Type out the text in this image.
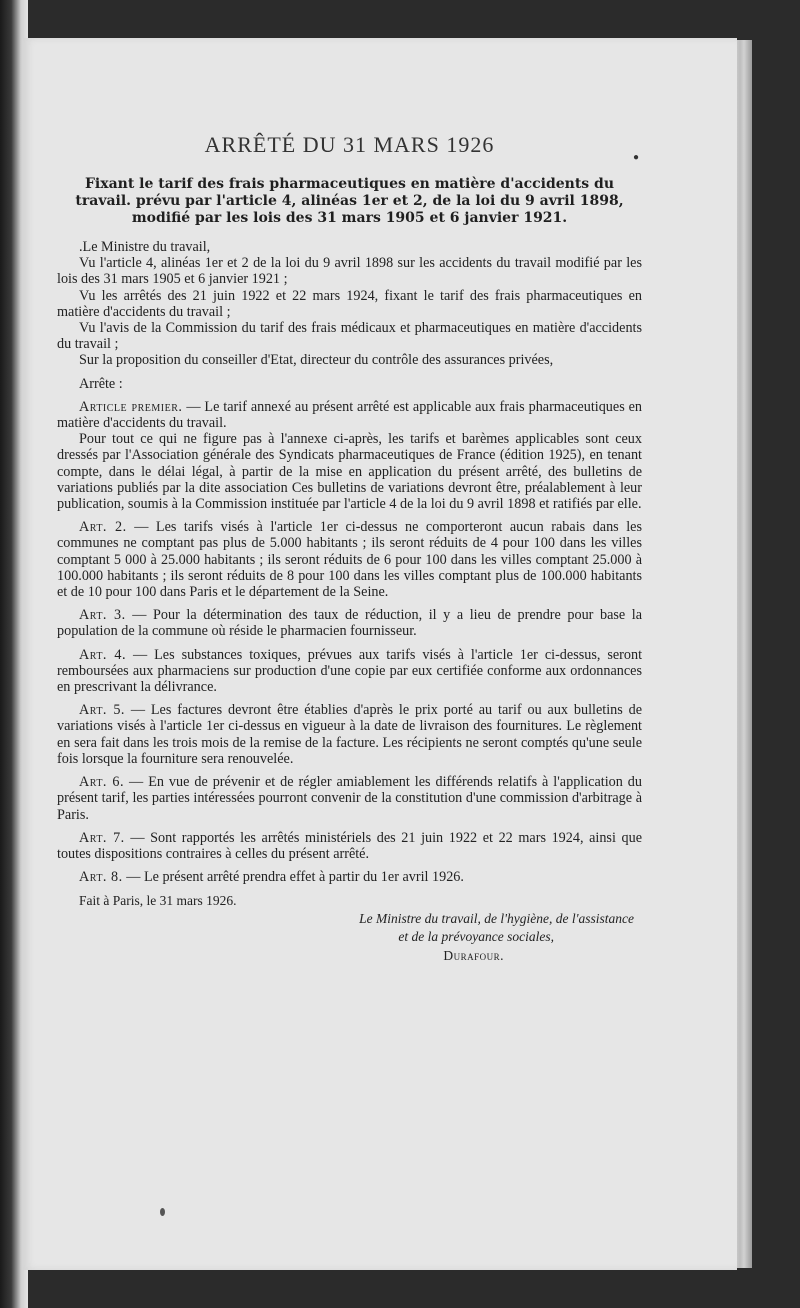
ARRÊTÉ DU 31 MARS 1926
●
Fixant le tarif des frais pharmaceutiques en matière d'accidents du travail. prévu par l'article 4, alinéas 1er et 2, de la loi du 9 avril 1898, modifié par les lois des 31 mars 1905 et 6 janvier 1921.

.Le Ministre du travail,

Vu l'article 4, alinéas 1er et 2 de la loi du 9 avril 1898 sur les accidents du travail modifié par les lois des 31 mars 1905 et 6 janvier 1921 ;

Vu les arrêtés des 21 juin 1922 et 22 mars 1924, fixant le tarif des frais pharmaceutiques en matière d'accidents du travail ;

Vu l'avis de la Commission du tarif des frais médicaux et pharmaceutiques en matière d'accidents du travail ;

Sur la proposition du conseiller d'Etat, directeur du contrôle des assurances privées,

Arrête :

Article premier. — Le tarif annexé au présent arrêté est applicable aux frais pharmaceutiques en matière d'accidents du travail.

Pour tout ce qui ne figure pas à l'annexe ci-après, les tarifs et barèmes applicables sont ceux dressés par l'Association générale des Syndicats pharmaceutiques de France (édition 1925), en tenant compte, dans le délai légal, à partir de la mise en application du présent arrêté, des bulletins de variations publiés par la dite association Ces bulletins de variations devront être, préalablement à leur publication, soumis à la Commission instituée par l'article 4 de la loi du 9 avril 1898 et ratifiés par elle.

Art. 2. — Les tarifs visés à l'article 1er ci-dessus ne comporteront aucun rabais dans les communes ne comptant pas plus de 5.000 habitants ; ils seront réduits de 4 pour 100 dans les villes comptant 5 000 à 25.000 habitants ; ils seront réduits de 6 pour 100 dans les villes comptant 25.000 à 100.000 habitants ; ils seront réduits de 8 pour 100 dans les villes comptant plus de 100.000 habitants et de 10 pour 100 dans Paris et le département de la Seine.

Art. 3. — Pour la détermination des taux de réduction, il y a lieu de prendre pour base la population de la commune où réside le pharmacien fournisseur.

Art. 4. — Les substances toxiques, prévues aux tarifs visés à l'article 1er ci-dessus, seront remboursées aux pharmaciens sur production d'une copie par eux certifiée conforme aux ordonnances en prescrivant la délivrance.

Art. 5. — Les factures devront être établies d'après le prix porté au tarif ou aux bulletins de variations visés à l'article 1er ci-dessus en vigueur à la date de livraison des fournitures. Le règlement en sera fait dans les trois mois de la remise de la facture. Les récipients ne seront comptés qu'une seule fois lorsque la fourniture sera renouvelée.

Art. 6. — En vue de prévenir et de régler amiablement les différends relatifs à l'application du présent tarif, les parties intéressées pourront convenir de la constitution d'une commission d'arbitrage à Paris.

Art. 7. — Sont rapportés les arrêtés ministériels des 21 juin 1922 et 22 mars 1924, ainsi que toutes dispositions contraires à celles du présent arrêté.

Art. 8. — Le présent arrêté prendra effet à partir du 1er avril 1926.

Fait à Paris, le 31 mars 1926.
Le Ministre du travail, de l'hygiène, de l'assistance
et de la prévoyance sociales,
Durafour.
